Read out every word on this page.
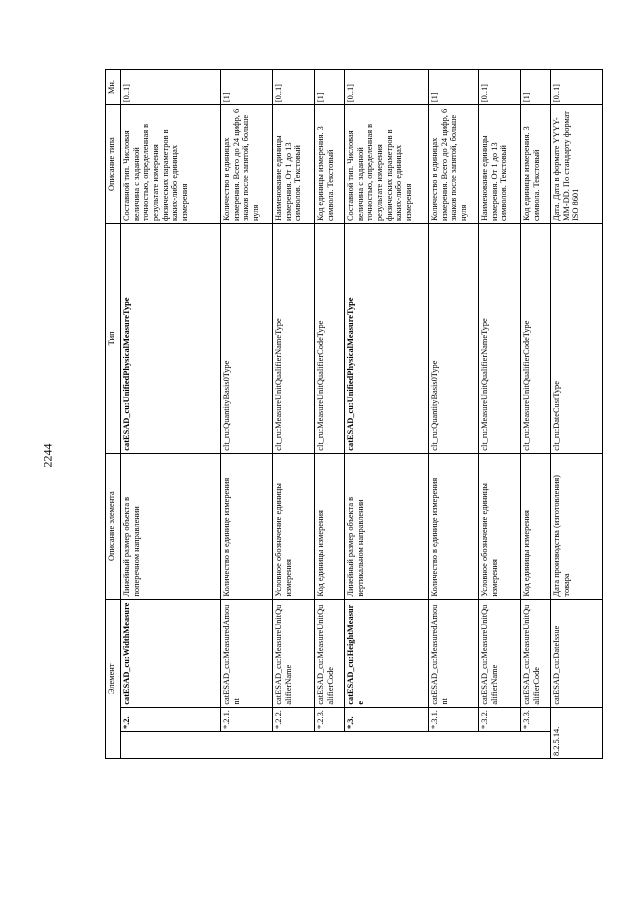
2244
Элемент			Описание элемента	Тип	Описание типа	Мн.
	*.2.	catESAD_cu:WidthMeasure	Линейный размер объекта в поперечном направлении	catESAD_cu:UnifiedPhysicalMeasureType	Составной тип. Числовая величина с заданной точностью, определенная в результате измерения физических параметров в каких-либо единицах измерения	[0..1]
	*.2.1.	catESAD_cu:MeasuredAmount	Количество в единице измерения	clt_ru:QuantityBasis0Type	Количество в единицах измерения. Всего до 24 цифр, 6 знаков после запятой, больше нуля	[1]
	*.2.2.	catESAD_cu:MeasureUnitQualifierName	Условное обозначение единицы измерения	clt_ru:MeasureUnitQualifierNameType	Наименование единицы измерения. От 1 до 13 символов. Текстовый	[0..1]
	*.2.3.	catESAD_cu:MeasureUnitQualifierCode	Код единицы измерения	clt_ru:MeasureUnitQualifierCodeType	Код единицы измерения. 3 символа. Текстовый	[1]
	*.3.	catESAD_cu:HeightMeasure	Линейный размер объекта в вертикальном направлении	catESAD_cu:UnifiedPhysicalMeasureType	Составной тип. Числовая величина с заданной точностью, определенная в результате измерения физических параметров в каких-либо единицах измерения	[0..1]
	*.3.1.	catESAD_cu:MeasuredAmount	Количество в единице измерения	clt_ru:QuantityBasis0Type	Количество в единицах измерения. Всего до 24 цифр, 6 знаков после запятой, больше нуля	[1]
	*.3.2.	catESAD_cu:MeasureUnitQualifierName	Условное обозначение единицы измерения	clt_ru:MeasureUnitQualifierNameType	Наименование единицы измерения. От 1 до 13 символов. Текстовый	[0..1]
	*.3.3.	catESAD_cu:MeasureUnitQualifierCode	Код единицы измерения	clt_ru:MeasureUnitQualifierCodeType	Код единицы измерения. 3 символа. Текстовый	[1]
8.2.5.14.		catESAD_cu:DateIssue	Дата производства (изготовления) товара	clt_ru:DateCustType	Дата. Дата в формате YYYY-MM-DD. По стандарту формат ISO 8601	[0..1]
